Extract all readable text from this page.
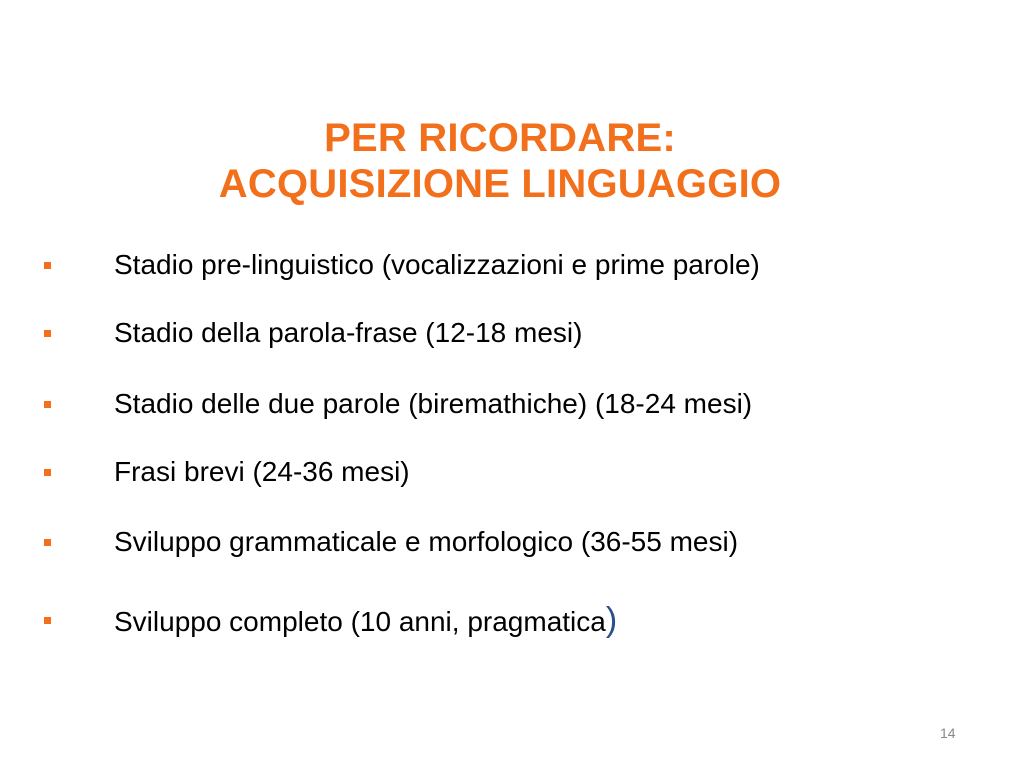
PER RICORDARE:
ACQUISIZIONE LINGUAGGIO
Stadio pre-linguistico (vocalizzazioni e prime parole)
Stadio della parola-frase (12-18 mesi)
Stadio delle due parole (biremathiche) (18-24 mesi)
Frasi brevi (24-36 mesi)
Sviluppo grammaticale e morfologico (36-55 mesi)
Sviluppo completo (10 anni, pragmatica)
14
